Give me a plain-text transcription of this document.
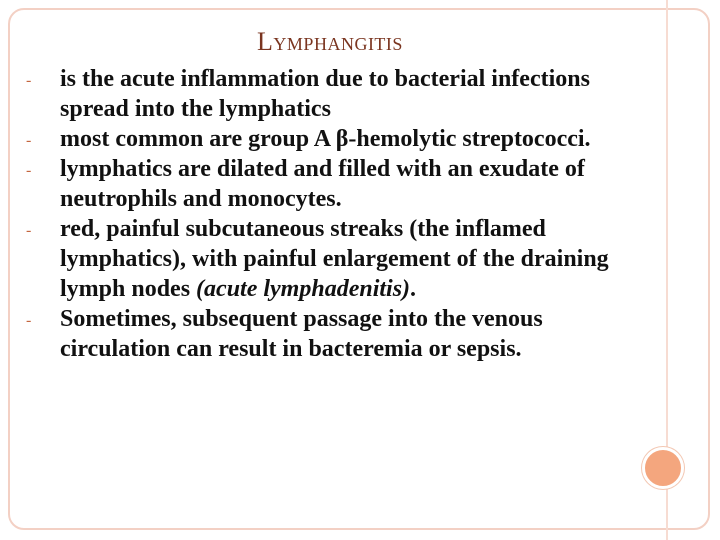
Lymphangitis
- is the acute inflammation due to bacterial infections spread into the lymphatics
- most common are group A β-hemolytic streptococci.
- lymphatics are dilated and filled with an exudate of neutrophils and monocytes.
- red, painful subcutaneous streaks (the inflamed lymphatics), with painful enlargement of the draining lymph nodes (acute lymphadenitis).
- Sometimes, subsequent passage into the venous circulation can result in bacteremia or sepsis.
